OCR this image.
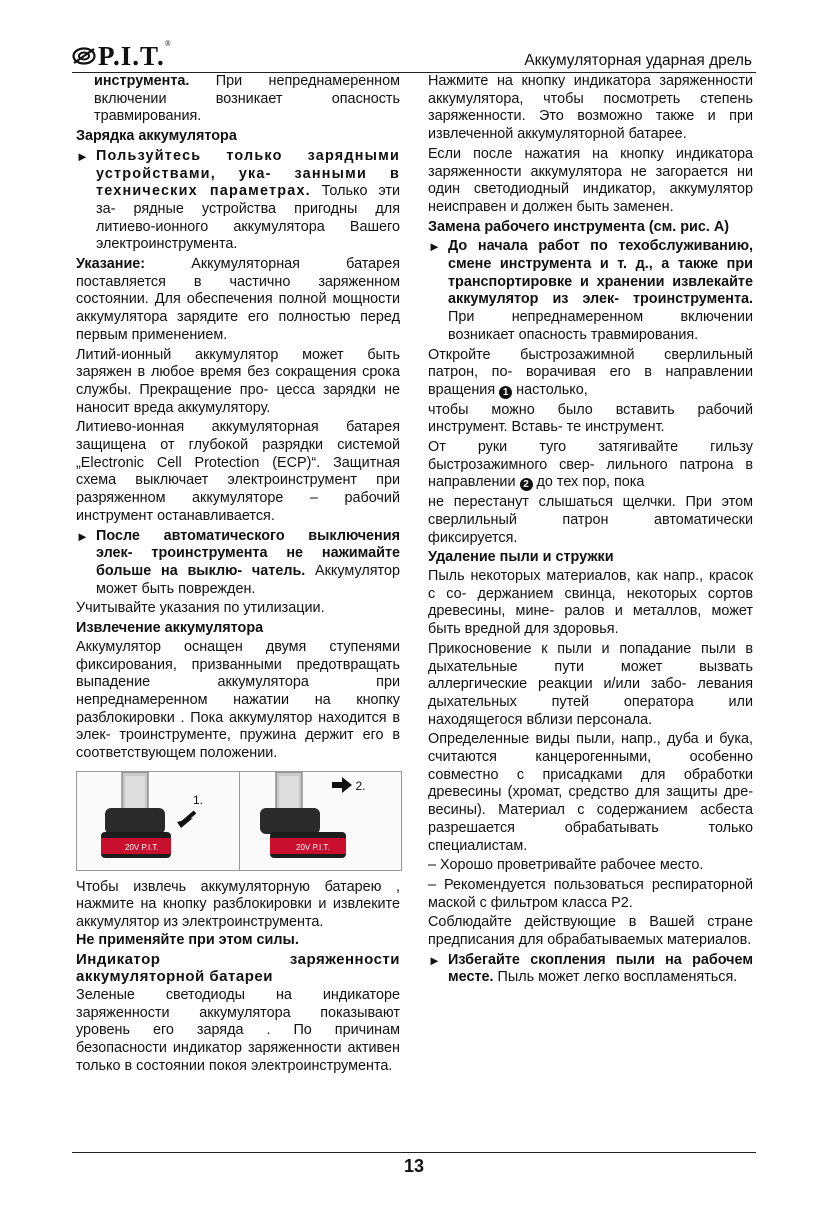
P.I.T.®
Аккумуляторная ударная дрель

инструмента. При непреднамеренном включении возникает опасность травмирования.

Зарядка аккумулятора
► Пользуйтесь только зарядными устройствами, ука- занными в технических параметрах. Только эти за- рядные устройства пригодны для литиево-ионного аккумулятора Вашего электроинструмента.

Указание: Аккумуляторная батарея поставляется в частично заряженном состоянии. Для обеспечения полной мощности аккумулятора зарядите его полностью перед первым применением.

Литий-ионный аккумулятор может быть заряжен в любое время без сокращения срока службы. Прекращение про- цесса зарядки не наносит вреда аккумулятору.

Литиево-ионная аккумуляторная батарея защищена от глубокой разрядки системой „Electronic Cell Protection (ECP)“. Защитная схема выключает электроинструмент при разряженном аккумуляторе – рабочий инструмент останавливается.

► После автоматического выключения элек- троинструмента не нажимайте больше на выклю- чатель. Аккумулятор может быть поврежден.

Учитывайте указания по утилизации.

Извлечение аккумулятора

Аккумулятор оснащен двумя ступенями фиксирования, призванными предотвращать выпадение аккумулятора при непреднамеренном нажатии на кнопку разблокировки . Пока аккумулятор находится в элек- троинструменте, пружина держит его в соответствующем положении.

20V P.I.T.
1.
20V P.I.T.
2.

Чтобы извлечь аккумуляторную батарею , нажмите на кнопку разблокировки и извлеките аккумулятор из электроинструмента.

Не применяйте при этом силы.

Индикатор заряженности аккумуляторной батареи

Зеленые светодиоды на индикаторе заряженности аккумулятора показывают уровень его заряда . По причинам безопасности индикатор заряженности активен только в состоянии покоя электроинструмента.

Нажмите на кнопку индикатора заряженности аккумулятора, чтобы посмотреть степень заряженности. Это возможно также и при извлеченной аккумуляторной батарее.

Если после нажатия на кнопку индикатора заряженности аккумулятора не загорается ни один светодиодный индикатор, аккумулятор неисправен и должен быть заменен.

Замена рабочего инструмента (см. рис. А)
► До начала работ по техобслуживанию, смене инструмента и т. д., а также при транспортировке и хранении извлекайте аккумулятор из элек- троинструмента. При непреднамеренном включении возникает опасность травмирования.

Откройте быстрозажимной сверлильный патрон, по- ворачивая его в направлении вращения 1 настолько,

чтобы можно было вставить рабочий инструмент. Вставь- те инструмент.

От руки туго затягивайте гильзу быстрозажимного свер- лильного патрона в направлении 2 до тех пор, пока

не перестанут слышаться щелчки. При этом сверлильный патрон автоматически фиксируется.

Удаление пыли и стружки

Пыль некоторых материалов, как напр., красок с со- держанием свинца, некоторых сортов древесины, мине- ралов и металлов, может быть вредной для здоровья.

Прикосновение к пыли и попадание пыли в дыхательные пути может вызвать аллергические реакции и/или забо- левания дыхательных путей оператора или находящегося вблизи персонала.

Определенные виды пыли, напр., дуба и бука, считаются канцерогенными, особенно совместно с присадками для обработки древесины (хромат, средство для защиты дре- весины). Материал с содержанием асбеста разрешается обрабатывать только специалистам.

– Хорошо проветривайте рабочее место.

– Рекомендуется пользоваться респираторной маской с фильтром класса Р2.

Соблюдайте действующие в Вашей стране предписания для обрабатываемых материалов.

► Избегайте скопления пыли на рабочем месте. Пыль может легко воспламеняться.
13
